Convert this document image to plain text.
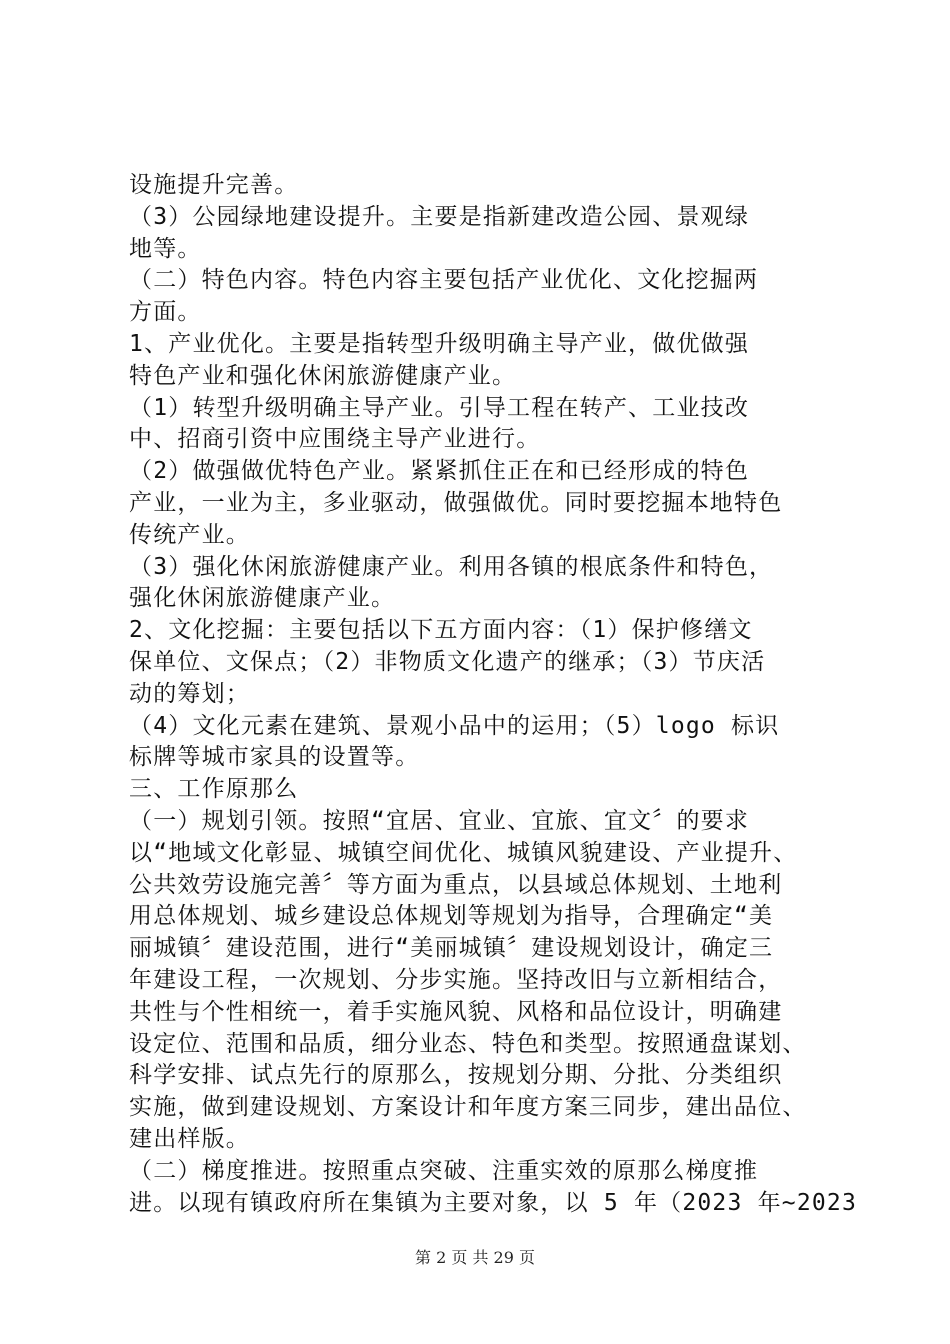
设施提升完善。
（3）公园绿地建设提升。主要是指新建改造公园、景观绿
地等。
（二）特色内容。特色内容主要包括产业优化、文化挖掘两
方面。
1、产业优化。主要是指转型升级明确主导产业，做优做强
特色产业和强化休闲旅游健康产业。
（1）转型升级明确主导产业。引导工程在转产、工业技改
中、招商引资中应围绕主导产业进行。
（2）做强做优特色产业。紧紧抓住正在和已经形成的特色
产业，一业为主，多业驱动，做强做优。同时要挖掘本地特色
传统产业。
（3）强化休闲旅游健康产业。利用各镇的根底条件和特色，
强化休闲旅游健康产业。
2、文化挖掘：主要包括以下五方面内容：（1）保护修缮文
保单位、文保点；（2）非物质文化遗产的继承；（3）节庆活
动的筹划；
（4）文化元素在建筑、景观小品中的运用；（5）logo 标识
标牌等城市家具的设置等。
三、工作原那么
（一）规划引领。按照“宜居、宜业、宜旅、宜文〞的要求
以“地域文化彰显、城镇空间优化、城镇风貌建设、产业提升、
公共效劳设施完善〞等方面为重点，以县域总体规划、土地利
用总体规划、城乡建设总体规划等规划为指导，合理确定“美
丽城镇〞建设范围，进行“美丽城镇〞建设规划设计，确定三
年建设工程，一次规划、分步实施。坚持改旧与立新相结合，
共性与个性相统一，着手实施风貌、风格和品位设计，明确建
设定位、范围和品质，细分业态、特色和类型。按照通盘谋划、
科学安排、试点先行的原那么，按规划分期、分批、分类组织
实施，做到建设规划、方案设计和年度方案三同步，建出品位、
建出样版。
（二）梯度推进。按照重点突破、注重实效的原那么梯度推
进。以现有镇政府所在集镇为主要对象，以 5 年（2023 年~2023
第 2 页 共 29 页
